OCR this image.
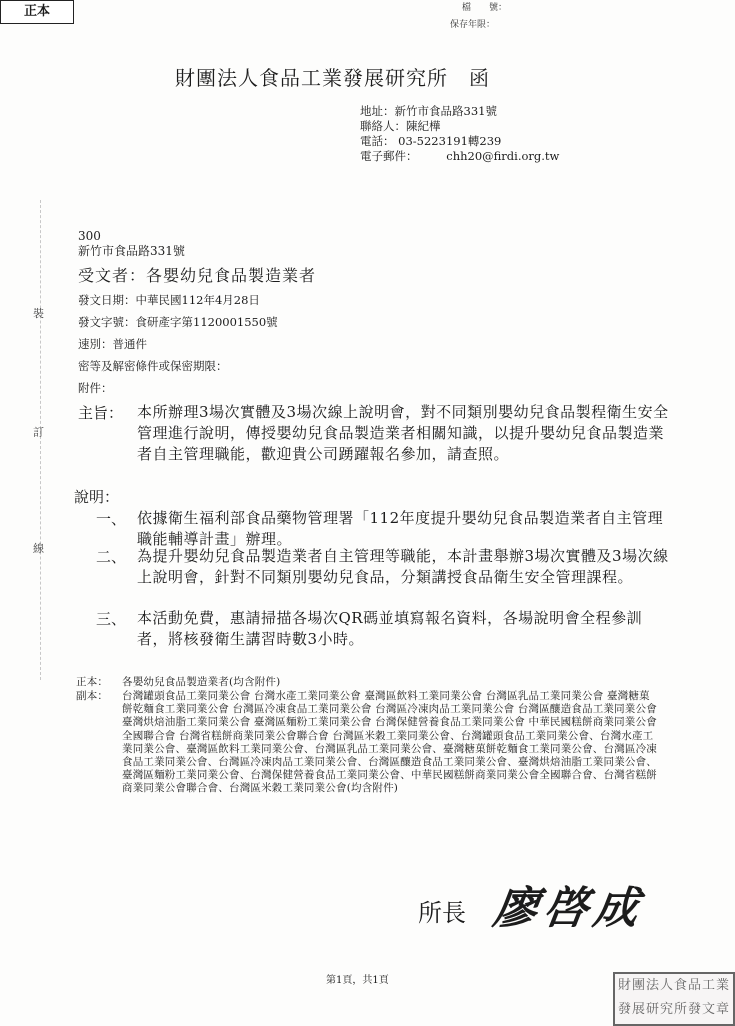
正本	檔　　號：
保存年限：
財團法人食品工業發展研究所　函
地址：新竹市食品路331號
聯絡人：陳紀樺
電話： 03-5223191轉239
電子郵件：　　　chh20@firdi.org.tw
裝
訂
線
300
新竹市食品路331號
受文者：各嬰幼兒食品製造業者
發文日期：中華民國112年4月28日
發文字號：食研產字第1120001550號
速別：普通件
密等及解密條件或保密期限：
附件：
主旨： 本所辦理3場次實體及3場次線上說明會，對不同類別嬰幼兒食品製程衛生安全管理進行說明，傳授嬰幼兒食品製造業者相關知識，以提升嬰幼兒食品製造業者自主管理職能，歡迎貴公司踴躍報名參加，請查照。
說明：
一、 依據衛生福利部食品藥物管理署「112年度提升嬰幼兒食品製造業者自主管理職能輔導計畫」辦理。
二、 為提升嬰幼兒食品製造業者自主管理等職能，本計畫舉辦3場次實體及3場次線上說明會，針對不同類別嬰幼兒食品，分類講授食品衛生安全管理課程。
三、 本活動免費，惠請掃描各場次QR碼並填寫報名資料，各場說明會全程參訓者，將核發衛生講習時數3小時。
正本： 各嬰幼兒食品製造業者(均含附件)
副本： 台灣罐頭食品工業同業公會 台灣水產工業同業公會 臺灣區飲料工業同業公會 台灣區乳品工業同業公會 臺灣糖菓餅乾麵食工業同業公會 台灣區冷凍食品工業同業公會 台灣區冷凍肉品工業同業公會 台灣區釀造食品工業同業公會 臺灣烘焙油脂工業同業公會 臺灣區麵粉工業同業公會 台灣保健營養食品工業同業公會 中華民國糕餅商業同業公會全國聯合會 台灣省糕餅商業同業公會聯合會 台灣區米穀工業同業公會、台灣罐頭食品工業同業公會、台灣水產工業同業公會、臺灣區飲料工業同業公會、台灣區乳品工業同業公會、臺灣糖菓餅乾麵食工業同業公會、台灣區冷凍食品工業同業公會、台灣區冷凍肉品工業同業公會、台灣區釀造食品工業同業公會、臺灣烘焙油脂工業同業公會、臺灣區麵粉工業同業公會、台灣保健營養食品工業同業公會、中華民國糕餅商業同業公會全國聯合會、台灣省糕餅商業同業公會聯合會、台灣區米穀工業同業公會(均含附件)
所長 廖啓成
第1頁，共1頁	財團法人食品工業
發展研究所發文章
